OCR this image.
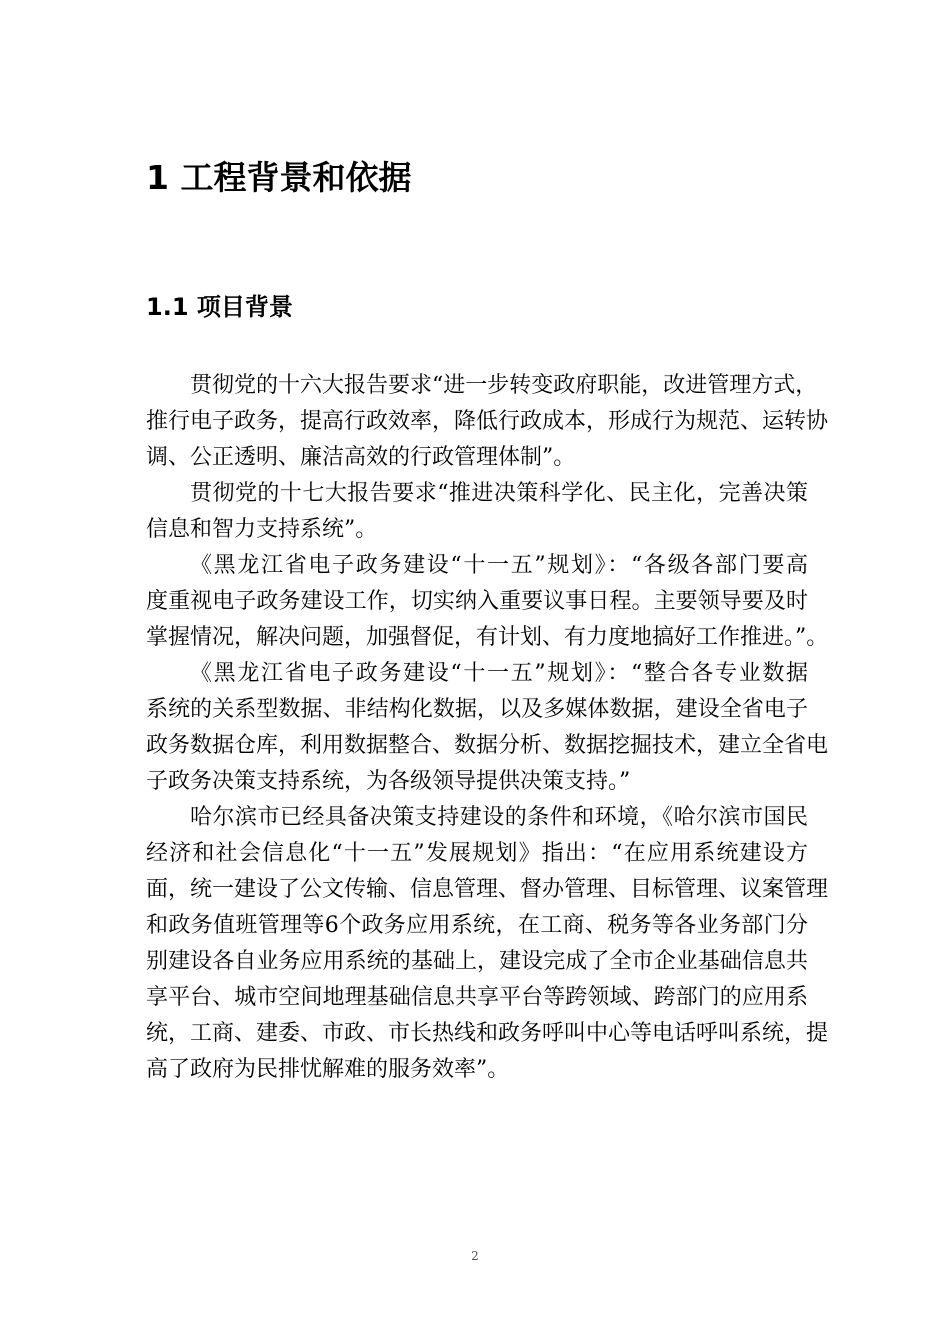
1 工程背景和依据
1.1 项目背景
贯彻党的十六大报告要求“进一步转变政府职能，改进管理方式，
推行电子政务，提高行政效率，降低行政成本，形成行为规范、运转协
调、公正透明、廉洁高效的行政管理体制”。
贯彻党的十七大报告要求“推进决策科学化、民主化，完善决策
信息和智力支持系统”。
《黑龙江省电子政务建设“十一五”规划》：“各级各部门要高
度重视电子政务建设工作，切实纳入重要议事日程。主要领导要及时
掌握情况，解决问题，加强督促，有计划、有力度地搞好工作推进。”。
《黑龙江省电子政务建设“十一五”规划》：“整合各专业数据
系统的关系型数据、非结构化数据，以及多媒体数据，建设全省电子
政务数据仓库，利用数据整合、数据分析、数据挖掘技术，建立全省电
子政务决策支持系统，为各级领导提供决策支持。”
哈尔滨市已经具备决策支持建设的条件和环境，《哈尔滨市国民
经济和社会信息化“十一五”发展规划》指出：“在应用系统建设方
面，统一建设了公文传输、信息管理、督办管理、目标管理、议案管理
和政务值班管理等6个政务应用系统，在工商、税务等各业务部门分
别建设各自业务应用系统的基础上，建设完成了全市企业基础信息共
享平台、城市空间地理基础信息共享平台等跨领域、跨部门的应用系
统，工商、建委、市政、市长热线和政务呼叫中心等电话呼叫系统，提
高了政府为民排忧解难的服务效率”。
2
